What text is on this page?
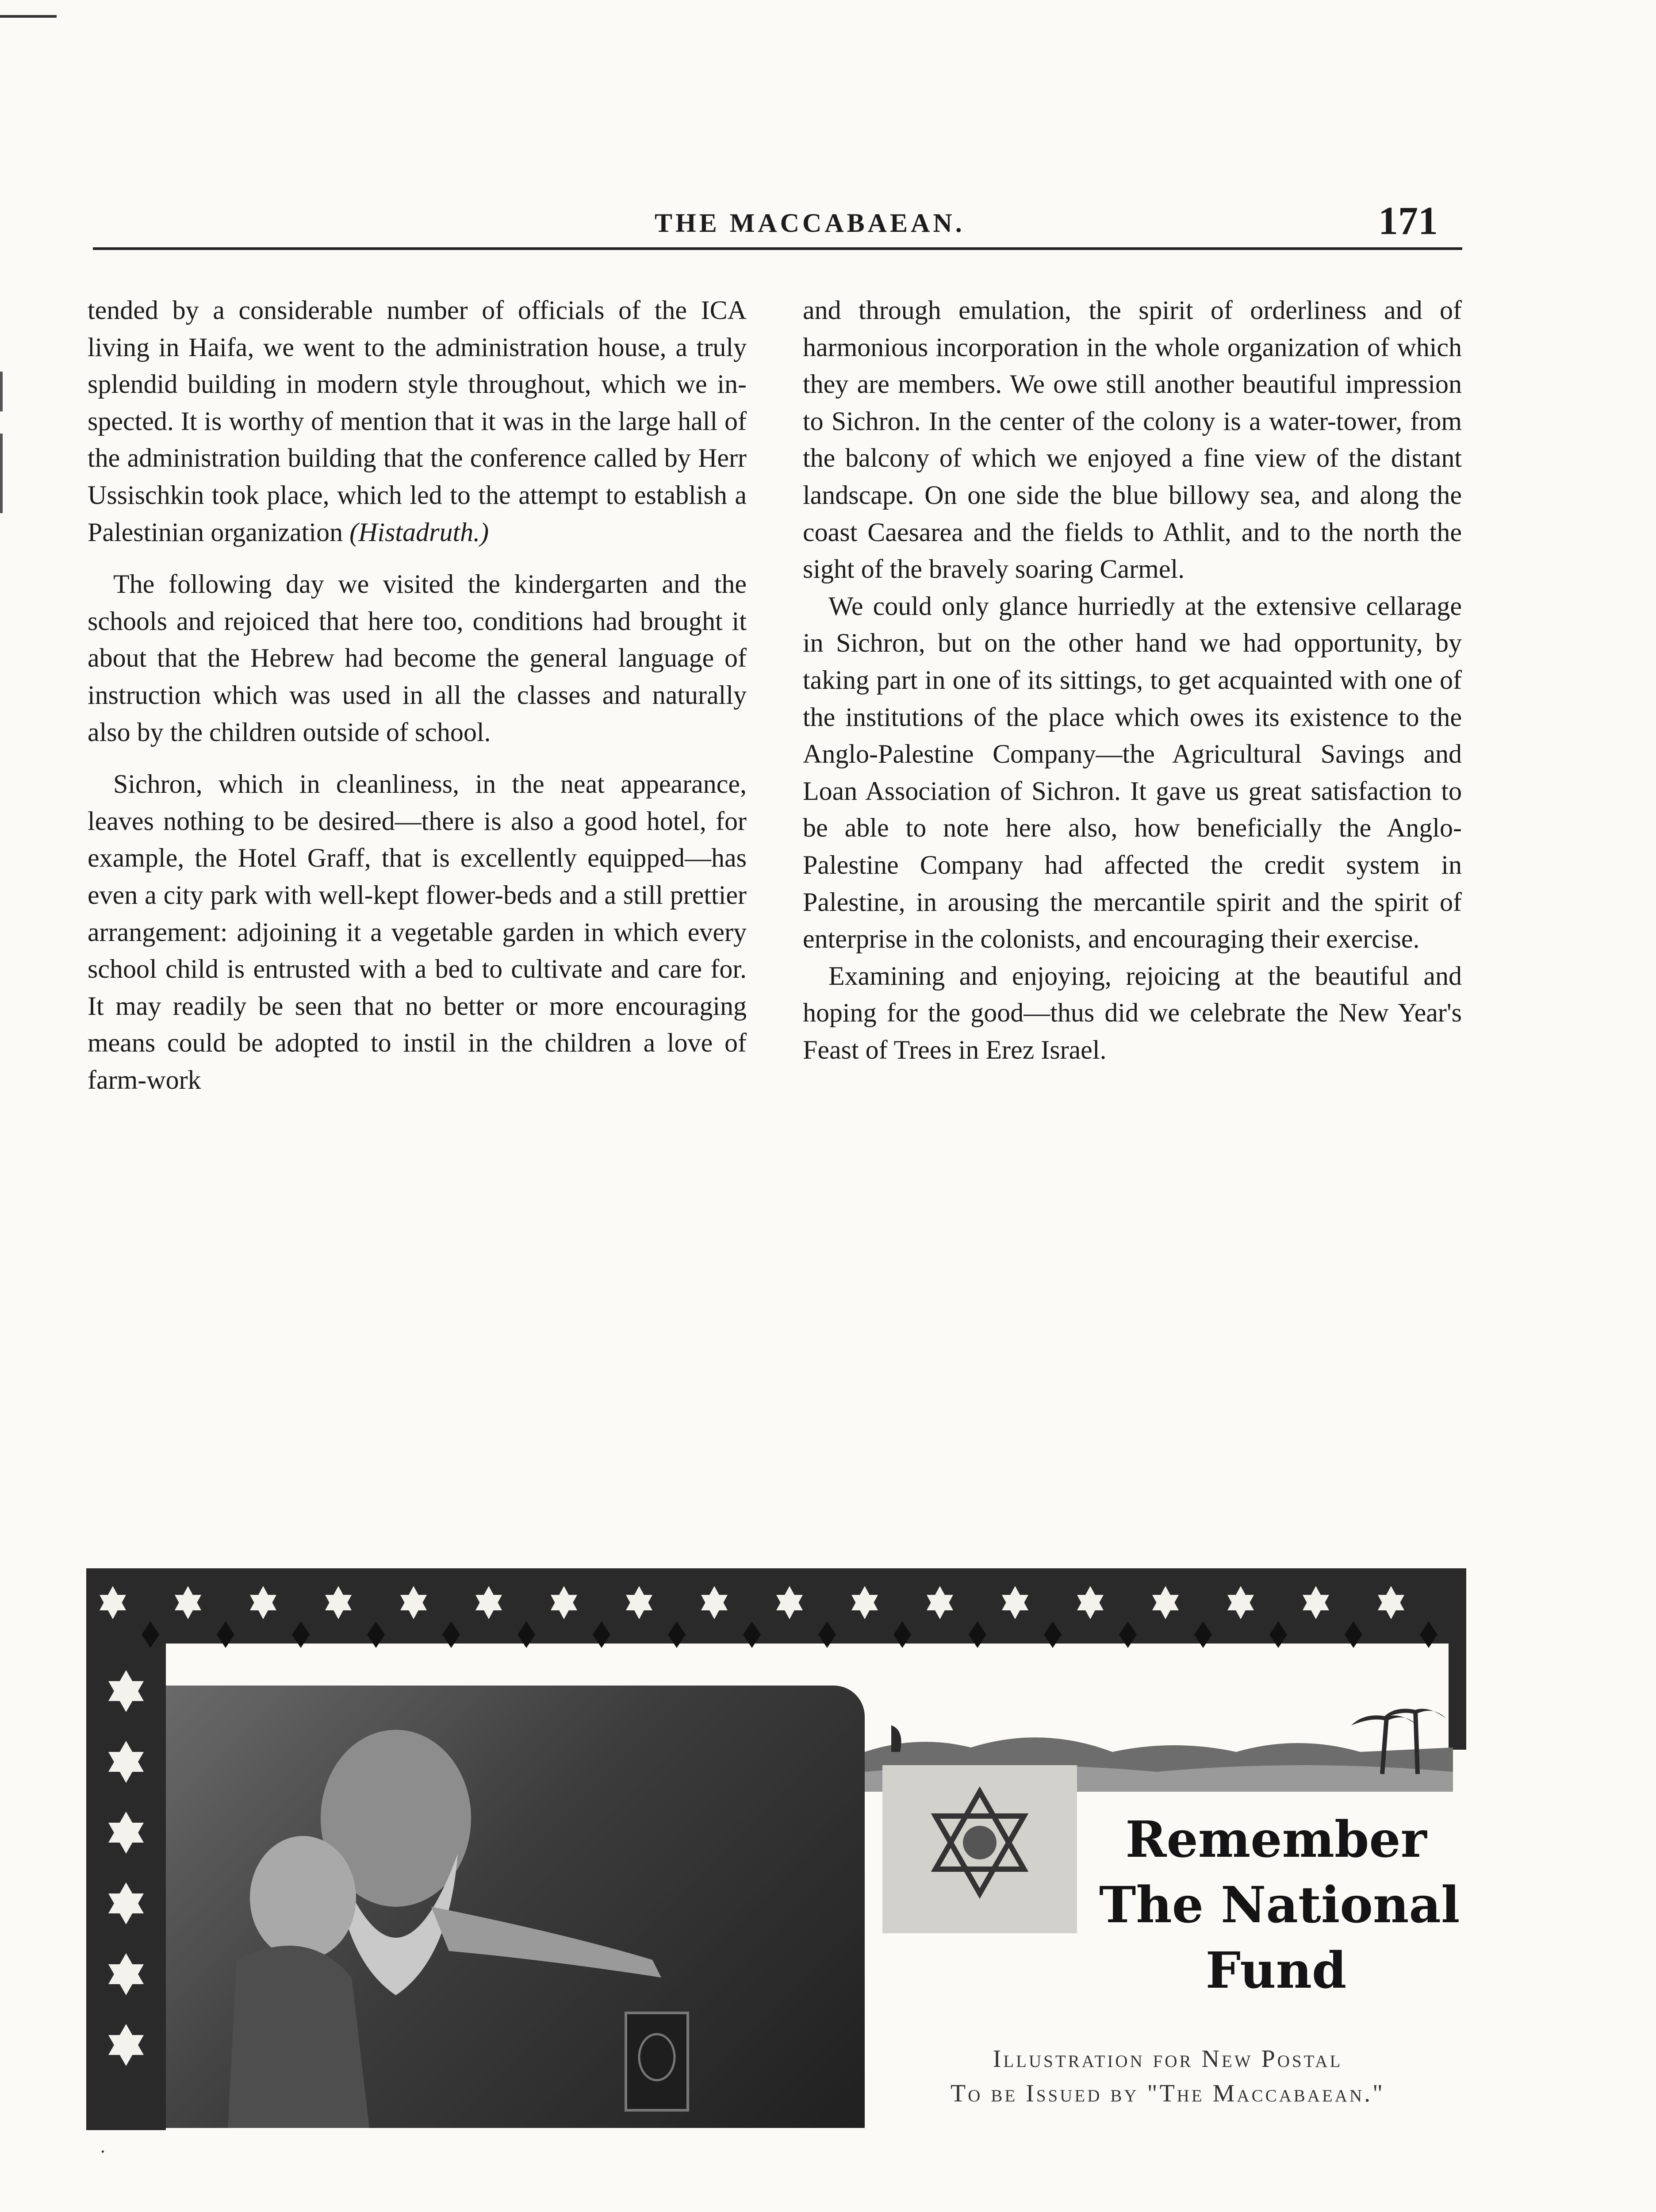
THE MACCABAEAN.	171

tended by a considerable number of officials of the ICA living in Haifa, we went to the administration house, a truly splendid building in modern style throughout, which we inspected. It is worthy of mention that it was in the large hall of the administration building that the conference called by Herr Ussischkin took place, which led to the attempt to establish a Palestinian organization (Histadruth.)

The following day we visited the kindergarten and the schools and rejoiced that here too, conditions had brought it about that the Hebrew had become the general language of instruction which was used in all the classes and naturally also by the children outside of school.

Sichron, which in cleanliness, in the neat appearance, leaves nothing to be desired—there is also a good hotel, for example, the Hotel Graff, that is excellently equipped—has even a city park with well-kept flower-beds and a still prettier arrangement: adjoining it a vegetable garden in which every school child is entrusted with a bed to cultivate and care for. It may readily be seen that no better or more encouraging means could be adopted to instil in the children a love of farm-work

and through emulation, the spirit of orderliness and of harmonious incorporation in the whole organization of which they are members. We owe still another beautiful impression to Sichron. In the center of the colony is a water-tower, from the balcony of which we enjoyed a fine view of the distant landscape. On one side the blue billowy sea, and along the coast Caesarea and the fields to Athlit, and to the north the sight of the bravely soaring Carmel.

We could only glance hurriedly at the extensive cellarage in Sichron, but on the other hand we had opportunity, by taking part in one of its sittings, to get acquainted with one of the institutions of the place which owes its existence to the Anglo-Palestine Company—the Agricultural Savings and Loan Association of Sichron. It gave us great satisfaction to be able to note here also, how beneficially the Anglo-Palestine Company had affected the credit system in Palestine, in arousing the mercantile spirit and the spirit of enterprise in the colonists, and encouraging their exercise.

Examining and enjoying, rejoicing at the beautiful and hoping for the good—thus did we celebrate the New Year's Feast of Trees in Erez Israel.

Remember
The National
Fund
Illustration for New Postal
To be Issued by "The Maccabaean."
·
